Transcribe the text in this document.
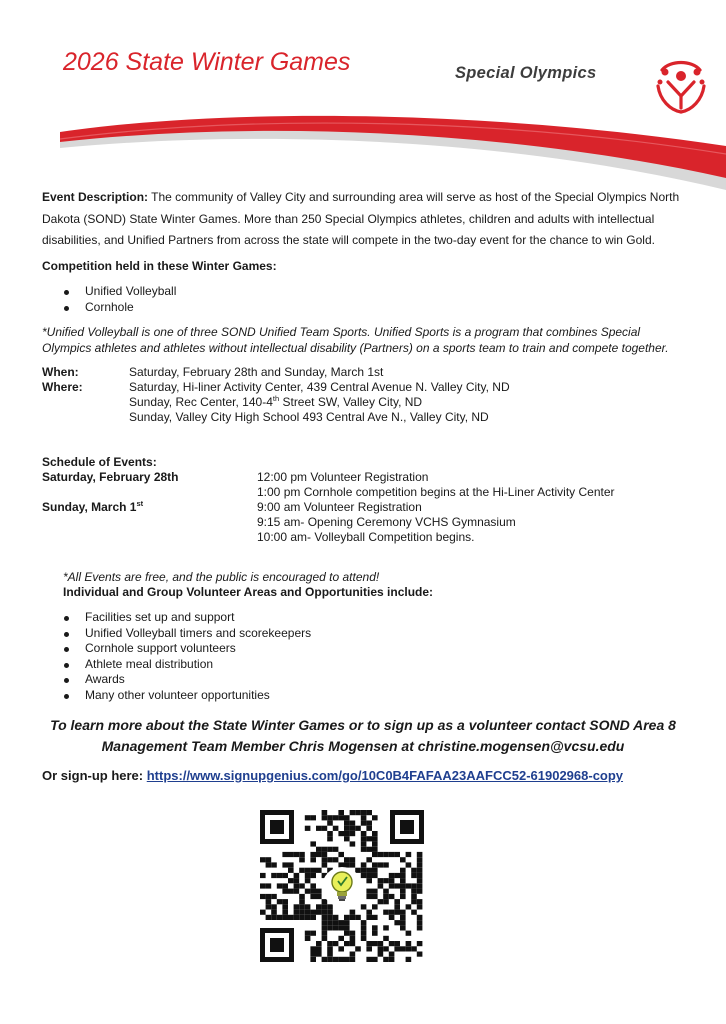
2026 State Winter Games	Special Olympics
Event Description: The community of Valley City and surrounding area will serve as host of the Special Olympics North Dakota (SOND) State Winter Games. More than 250 Special Olympics athletes, children and adults with intellectual disabilities, and Unified Partners from across the state will compete in the two-day event for the chance to win Gold.
Competition held in these Winter Games:
Unified Volleyball
Cornhole
*Unified Volleyball is one of three SOND Unified Team Sports. Unified Sports is a program that combines Special Olympics athletes and athletes without intellectual disability (Partners) on a sports team to train and compete together.
When:	Saturday, February 28th and Sunday, March 1st
Where:	Saturday, Hi-liner Activity Center, 439 Central Avenue N. Valley City, ND
Sunday, Rec Center, 140-4th Street SW, Valley City, ND
Sunday, Valley City High School 493 Central Ave N., Valley City, ND
Schedule of Events:
Saturday, February 28th	12:00 pm Volunteer Registration
1:00 pm Cornhole competition begins at the Hi-Liner Activity Center
Sunday, March 1st	9:00 am Volunteer Registration
9:15 am- Opening Ceremony VCHS Gymnasium
10:00 am- Volleyball Competition begins.
*All Events are free, and the public is encouraged to attend!
Individual and Group Volunteer Areas and Opportunities include:
Facilities set up and support
Unified Volleyball timers and scorekeepers
Cornhole support volunteers
Athlete meal distribution
Awards
Many other volunteer opportunities
To learn more about the State Winter Games or to sign up as a volunteer contact SOND Area 8
Management Team Member Chris Mogensen at christine.mogensen@vcsu.edu
Or sign-up here: https://www.signupgenius.com/go/10C0B4FAFAA23AAFCC52-61902968-copy
